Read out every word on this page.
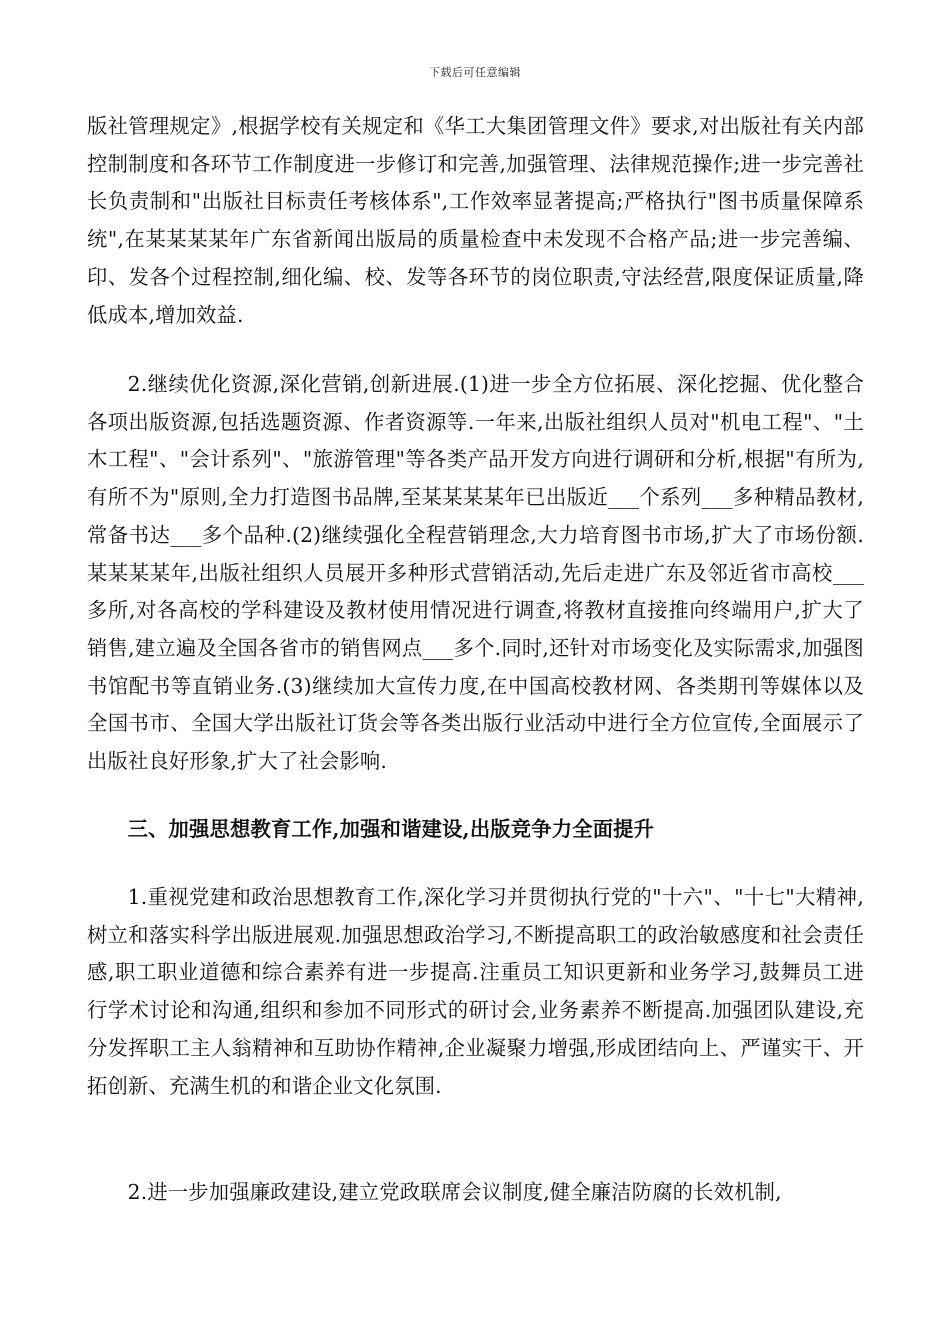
下载后可任意编辑

版社管理规定》,根据学校有关规定和《华工大集团管理文件》要求,对出版社有关内部控制制度和各环节工作制度进一步修订和完善,加强管理、法律规范操作;进一步完善社长负责制和"出版社目标责任考核体系",工作效率显著提高;严格执行"图书质量保障系统",在某某某某年广东省新闻出版局的质量检查中未发现不合格产品;进一步完善编、印、发各个过程控制,细化编、校、发等各环节的岗位职责,守法经营,限度保证质量,降低成本,增加效益.

2.继续优化资源,深化营销,创新进展.(1)进一步全方位拓展、深化挖掘、优化整合各项出版资源,包括选题资源、作者资源等.一年来,出版社组织人员对"机电工程"、"土木工程"、"会计系列"、"旅游管理"等各类产品开发方向进行调研和分析,根据"有所为,有所不为"原则,全力打造图书品牌,至某某某某年已出版近___个系列___多种精品教材,常备书达___多个品种.(2)继续强化全程营销理念,大力培育图书市场,扩大了市场份额.某某某某年,出版社组织人员展开多种形式营销活动,先后走进广东及邻近省市高校___多所,对各高校的学科建设及教材使用情况进行调查,将教材直接推向终端用户,扩大了销售,建立遍及全国各省市的销售网点___多个.同时,还针对市场变化及实际需求,加强图书馆配书等直销业务.(3)继续加大宣传力度,在中国高校教材网、各类期刊等媒体以及全国书市、全国大学出版社订货会等各类出版行业活动中进行全方位宣传,全面展示了出版社良好形象,扩大了社会影响.

三、加强思想教育工作,加强和谐建设,出版竞争力全面提升

1.重视党建和政治思想教育工作,深化学习并贯彻执行党的"十六"、"十七"大精神,树立和落实科学出版进展观.加强思想政治学习,不断提高职工的政治敏感度和社会责任感,职工职业道德和综合素养有进一步提高.注重员工知识更新和业务学习,鼓舞员工进行学术讨论和沟通,组织和参加不同形式的研讨会,业务素养不断提高.加强团队建设,充分发挥职工主人翁精神和互助协作精神,企业凝聚力增强,形成团结向上、严谨实干、开拓创新、充满生机的和谐企业文化氛围.

2.进一步加强廉政建设,建立党政联席会议制度,健全廉洁防腐的长效机制,
